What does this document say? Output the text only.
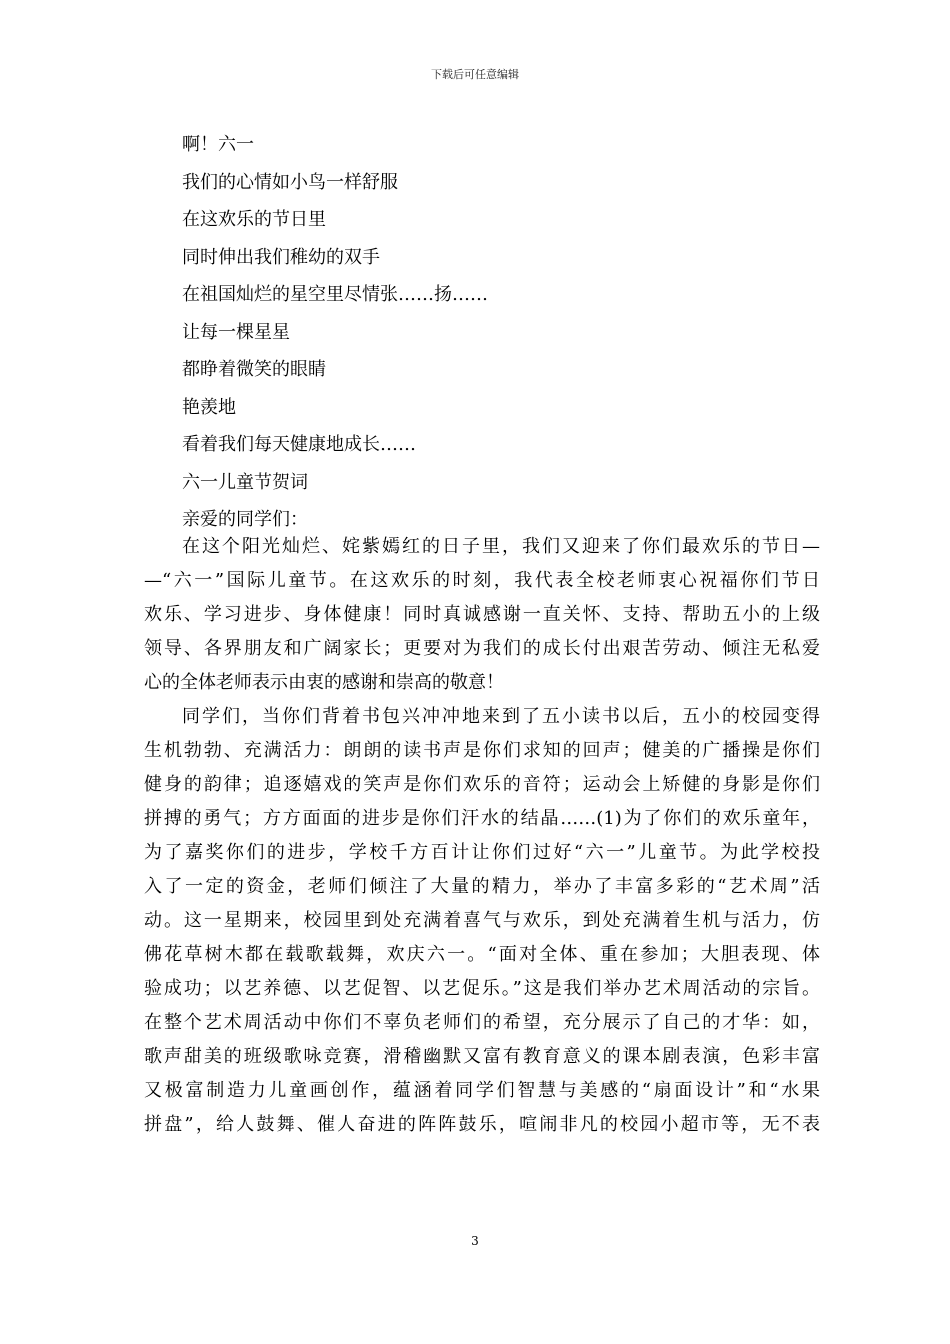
下载后可任意编辑
啊！六一
我们的心情如小鸟一样舒服
在这欢乐的节日里
同时伸出我们稚幼的双手
在祖国灿烂的星空里尽情张……扬……
让每一棵星星
都睁着微笑的眼睛
艳羡地
看着我们每天健康地成长……
六一儿童节贺词
亲爱的同学们：
在这个阳光灿烂、姹紫嫣红的日子里，我们又迎来了你们最欢乐的节日—
—“六一”国际儿童节。在这欢乐的时刻，我代表全校老师衷心祝福你们节日
欢乐、学习进步、身体健康！同时真诚感谢一直关怀、支持、帮助五小的上级
领导、各界朋友和广阔家长；更要对为我们的成长付出艰苦劳动、倾注无私爱
心的全体老师表示由衷的感谢和崇高的敬意！
同学们，当你们背着书包兴冲冲地来到了五小读书以后，五小的校园变得
生机勃勃、充满活力：朗朗的读书声是你们求知的回声；健美的广播操是你们
健身的韵律；追逐嬉戏的笑声是你们欢乐的音符；运动会上矫健的身影是你们
拼搏的勇气；方方面面的进步是你们汗水的结晶……(1)为了你们的欢乐童年，
为了嘉奖你们的进步，学校千方百计让你们过好“六一”儿童节。为此学校投
入了一定的资金，老师们倾注了大量的精力，举办了丰富多彩的“艺术周”活
动。这一星期来，校园里到处充满着喜气与欢乐，到处充满着生机与活力，仿
佛花草树木都在载歌载舞，欢庆六一。“面对全体、重在参加；大胆表现、体
验成功；以艺养德、以艺促智、以艺促乐。”这是我们举办艺术周活动的宗旨。
在整个艺术周活动中你们不辜负老师们的希望，充分展示了自己的才华：如，
歌声甜美的班级歌咏竞赛，滑稽幽默又富有教育意义的课本剧表演，色彩丰富
又极富制造力儿童画创作，蕴涵着同学们智慧与美感的“扇面设计”和“水果
拼盘”，给人鼓舞、催人奋进的阵阵鼓乐，喧闹非凡的校园小超市等，无不表
3
